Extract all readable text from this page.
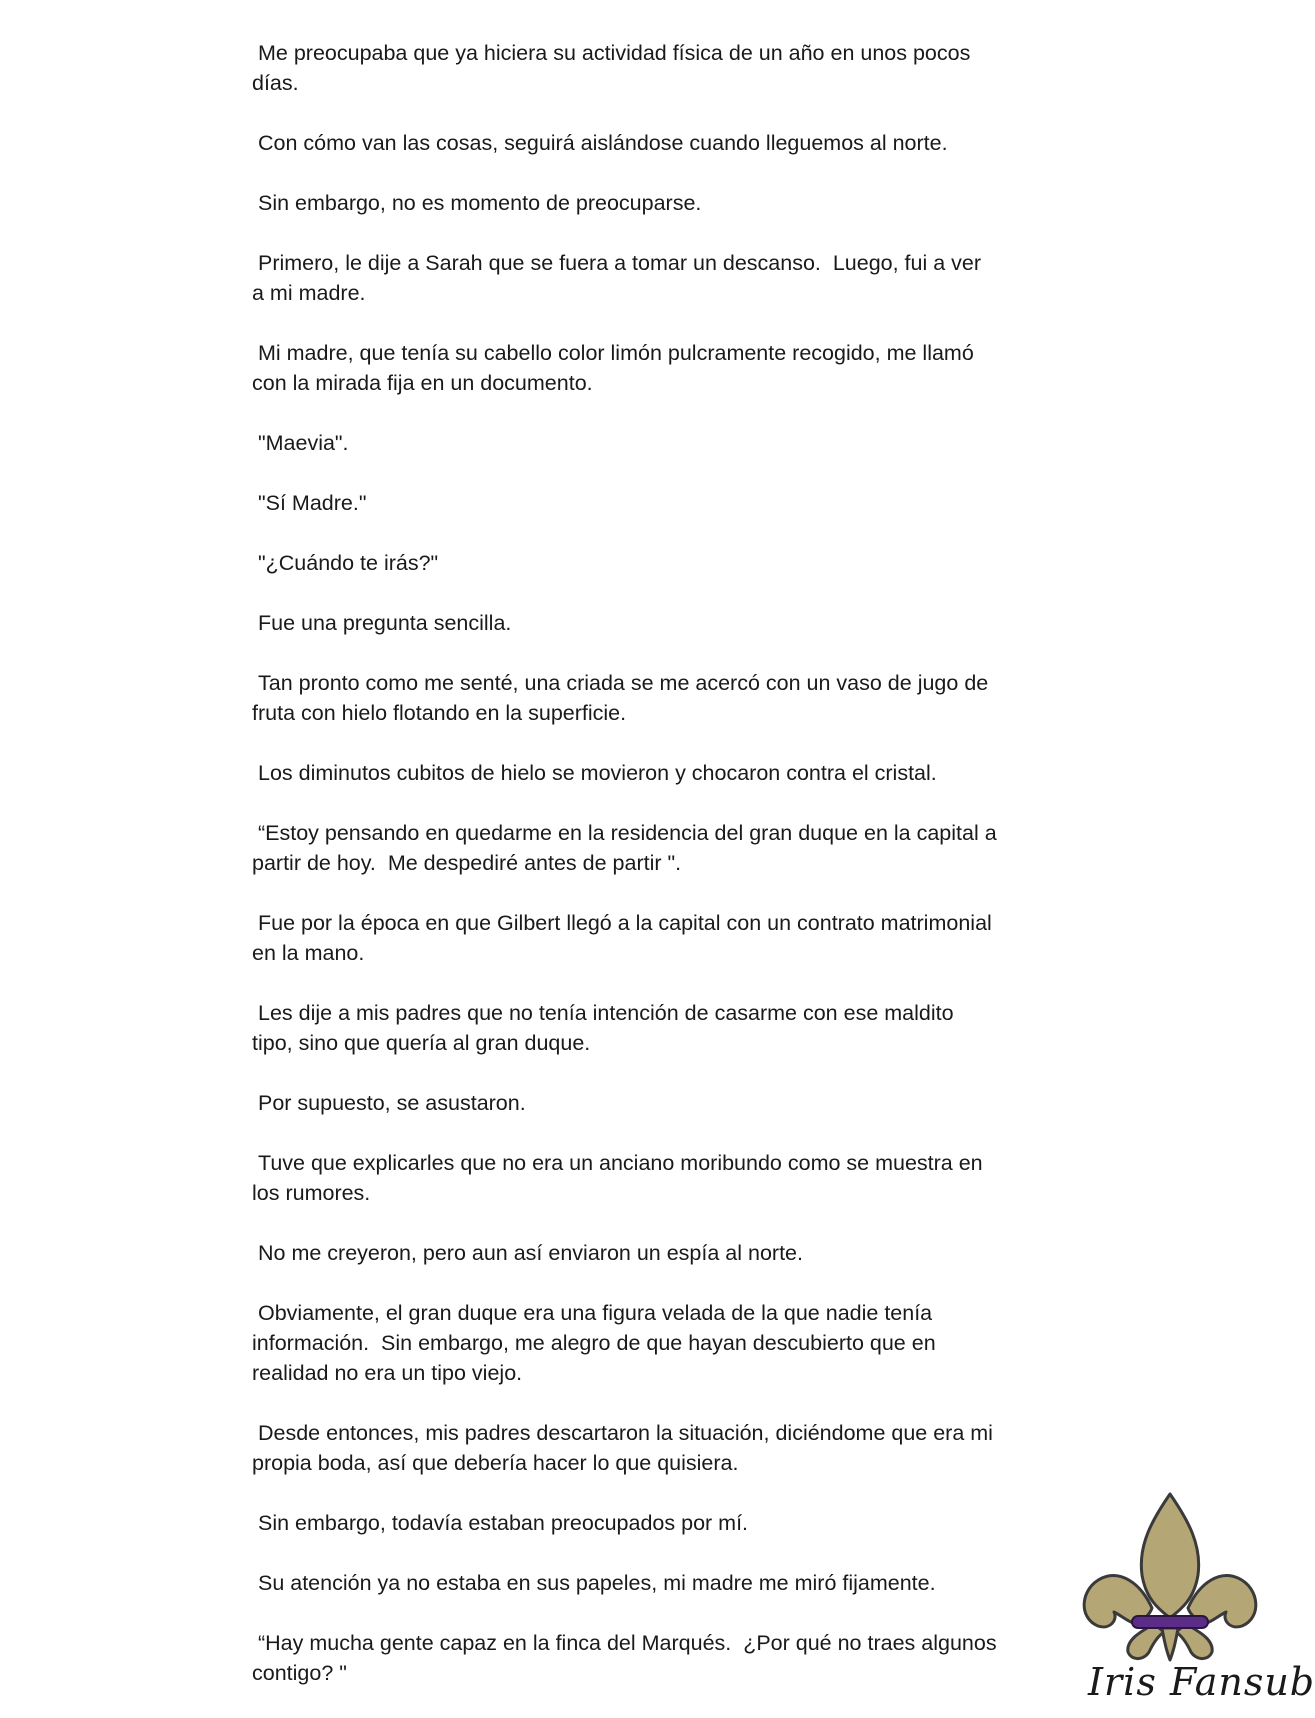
Me preocupaba que ya hiciera su actividad física de un año en unos pocos
días.

Con cómo van las cosas, seguirá aislándose cuando lleguemos al norte.

Sin embargo, no es momento de preocuparse.

Primero, le dije a Sarah que se fuera a tomar un descanso.  Luego, fui a ver
a mi madre.

Mi madre, que tenía su cabello color limón pulcramente recogido, me llamó
con la mirada fija en un documento.

"Maevia".

"Sí Madre."

"¿Cuándo te irás?"

Fue una pregunta sencilla.

Tan pronto como me senté, una criada se me acercó con un vaso de jugo de
fruta con hielo flotando en la superficie.

Los diminutos cubitos de hielo se movieron y chocaron contra el cristal.

“Estoy pensando en quedarme en la residencia del gran duque en la capital a
partir de hoy.  Me despediré antes de partir ".

Fue por la época en que Gilbert llegó a la capital con un contrato matrimonial
en la mano.

Les dije a mis padres que no tenía intención de casarme con ese maldito
tipo, sino que quería al gran duque.

Por supuesto, se asustaron.

Tuve que explicarles que no era un anciano moribundo como se muestra en
los rumores.

No me creyeron, pero aun así enviaron un espía al norte.

Obviamente, el gran duque era una figura velada de la que nadie tenía
información.  Sin embargo, me alegro de que hayan descubierto que en
realidad no era un tipo viejo.

Desde entonces, mis padres descartaron la situación, diciéndome que era mi
propia boda, así que debería hacer lo que quisiera.

Sin embargo, todavía estaban preocupados por mí.

Su atención ya no estaba en sus papeles, mi madre me miró fijamente.

“Hay mucha gente capaz en la finca del Marqués.  ¿Por qué no traes algunos
contigo? "	Iris Fansub
